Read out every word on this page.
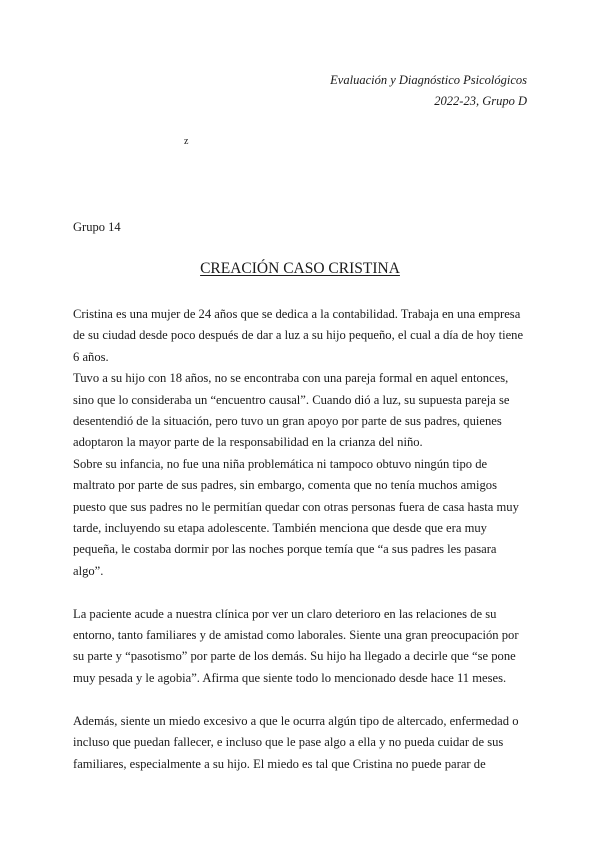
Evaluación y Diagnóstico Psicológicos
2022-23, Grupo D
z
Grupo 14
CREACIÓN CASO CRISTINA

Cristina es una mujer de 24 años que se dedica a la contabilidad. Trabaja en una empresa de su ciudad desde poco después de dar a luz a su hijo pequeño, el cual a día de hoy tiene 6 años.

Tuvo a su hijo con 18 años, no se encontraba con una pareja formal en aquel entonces, sino que lo consideraba un “encuentro causal”. Cuando dió a luz, su supuesta pareja se desentendió de la situación, pero tuvo un gran apoyo por parte de sus padres, quienes adoptaron la mayor parte de la responsabilidad en la crianza del niño.

Sobre su infancia, no fue una niña problemática ni tampoco obtuvo ningún tipo de maltrato por parte de sus padres, sin embargo, comenta que no tenía muchos amigos puesto que sus padres no le permitían quedar con otras personas fuera de casa hasta muy tarde, incluyendo su etapa adolescente. También menciona que desde que era muy pequeña, le costaba dormir por las noches porque temía que “a sus padres les pasara algo”.

La paciente acude a nuestra clínica por ver un claro deterioro en las relaciones de su entorno, tanto familiares y de amistad como laborales. Siente una gran preocupación por su parte y “pasotismo” por parte de los demás. Su hijo ha llegado a decirle que “se pone muy pesada y le agobia”. Afirma que siente todo lo mencionado desde hace 11 meses.

Además, siente un miedo excesivo a que le ocurra algún tipo de altercado, enfermedad o incluso que puedan fallecer, e incluso que le pase algo a ella y no pueda cuidar de sus familiares, especialmente a su hijo. El miedo es tal que Cristina no puede parar de
